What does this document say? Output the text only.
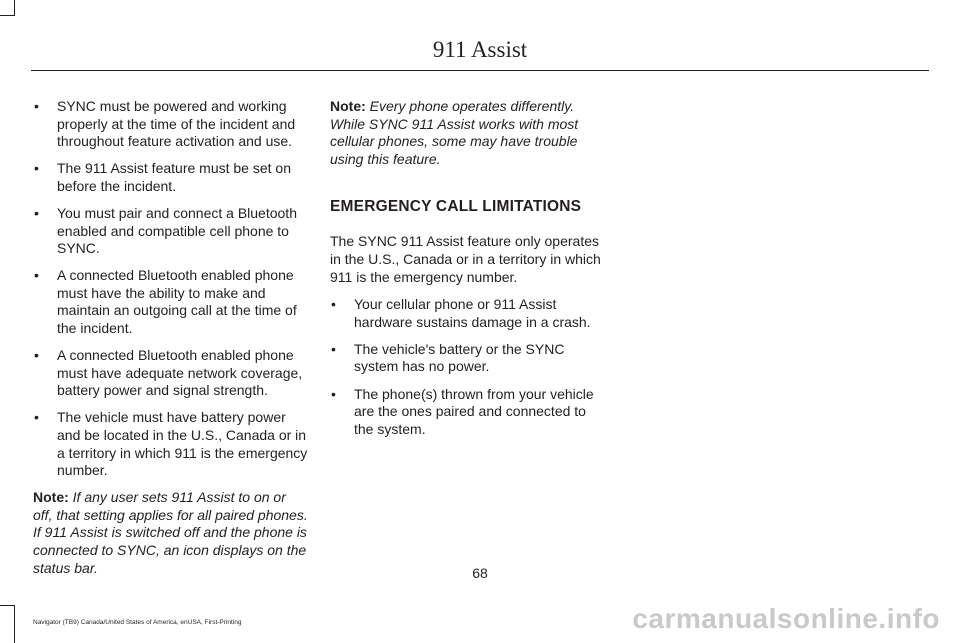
911 Assist
• SYNC must be powered and working properly at the time of the incident and throughout feature activation and use.
• The 911 Assist feature must be set on before the incident.
• You must pair and connect a Bluetooth enabled and compatible cell phone to SYNC.
• A connected Bluetooth enabled phone must have the ability to make and maintain an outgoing call at the time of the incident.
• A connected Bluetooth enabled phone must have adequate network coverage, battery power and signal strength.
• The vehicle must have battery power and be located in the U.S., Canada or in a territory in which 911 is the emergency number.

Note: If any user sets 911 Assist to on or off, that setting applies for all paired phones. If 911 Assist is switched off and the phone is connected to SYNC, an icon displays on the status bar.

Note: Every phone operates differently. While SYNC 911 Assist works with most cellular phones, some may have trouble using this feature.

EMERGENCY CALL LIMITATIONS

The SYNC 911 Assist feature only operates in the U.S., Canada or in a territory in which 911 is the emergency number.

• Your cellular phone or 911 Assist hardware sustains damage in a crash.
• The vehicle's battery or the SYNC system has no power.
• The phone(s) thrown from your vehicle are the ones paired and connected to the system.
68
Navigator (TB9) Canada/United States of America, enUSA, First-Printing	carmanualsonline.info
